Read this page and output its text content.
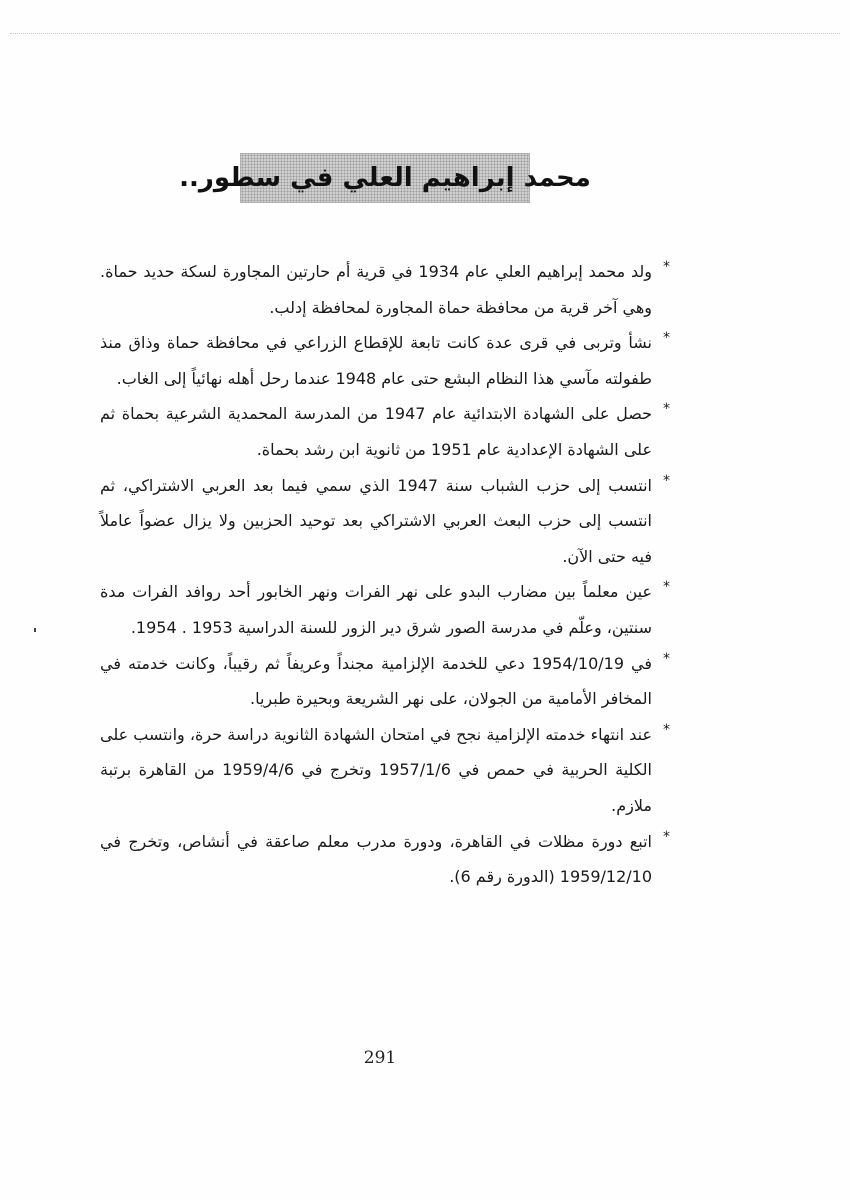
محمد إبراهيم العلي في سطور..

*
ولد محمد إبراهيم العلي عام 1934 في قرية أم حارتين المجاورة لسكة حديد حماة. وهي آخر قرية من محافظة حماة المجاورة لمحافظة إدلب.

*
نشأ وتربى في قرى عدة كانت تابعة للإقطاع الزراعي في محافظة حماة وذاق منذ طفولته مآسي هذا النظام البشع حتى عام 1948 عندما رحل أهله نهائياً إلى الغاب.

*
حصل على الشهادة الابتدائية عام 1947 من المدرسة المحمدية الشرعية بحماة ثم على الشهادة الإعدادية عام 1951 من ثانوية ابن رشد بحماة.

*
انتسب إلى حزب الشباب سنة 1947 الذي سمي فيما بعد العربي الاشتراكي، ثم انتسب إلى حزب البعث العربي الاشتراكي بعد توحيد الحزبين ولا يزال عضواً عاملاً فيه حتى الآن.

*
عين معلماً بين مضارب البدو على نهر الفرات ونهر الخابور أحد روافد الفرات مدة سنتين، وعلّم في مدرسة الصور شرق دير الزور للسنة الدراسية 1953 . 1954.

*
في 1954/10/19 دعي للخدمة الإلزامية مجنداً وعريفاً ثم رقيباً، وكانت خدمته في المخافر الأمامية من الجولان، على نهر الشريعة وبحيرة طبريا.

*
عند انتهاء خدمته الإلزامية نجح في امتحان الشهادة الثانوية دراسة حرة، وانتسب على الكلية الحربية في حمص في 1957/1/6 وتخرج في 1959/4/6 من القاهرة برتبة ملازم.

*
اتبع دورة مظلات في القاهرة، ودورة مدرب معلم صاعقة في أنشاص، وتخرج في 1959/12/10 (الدورة رقم 6).

291
